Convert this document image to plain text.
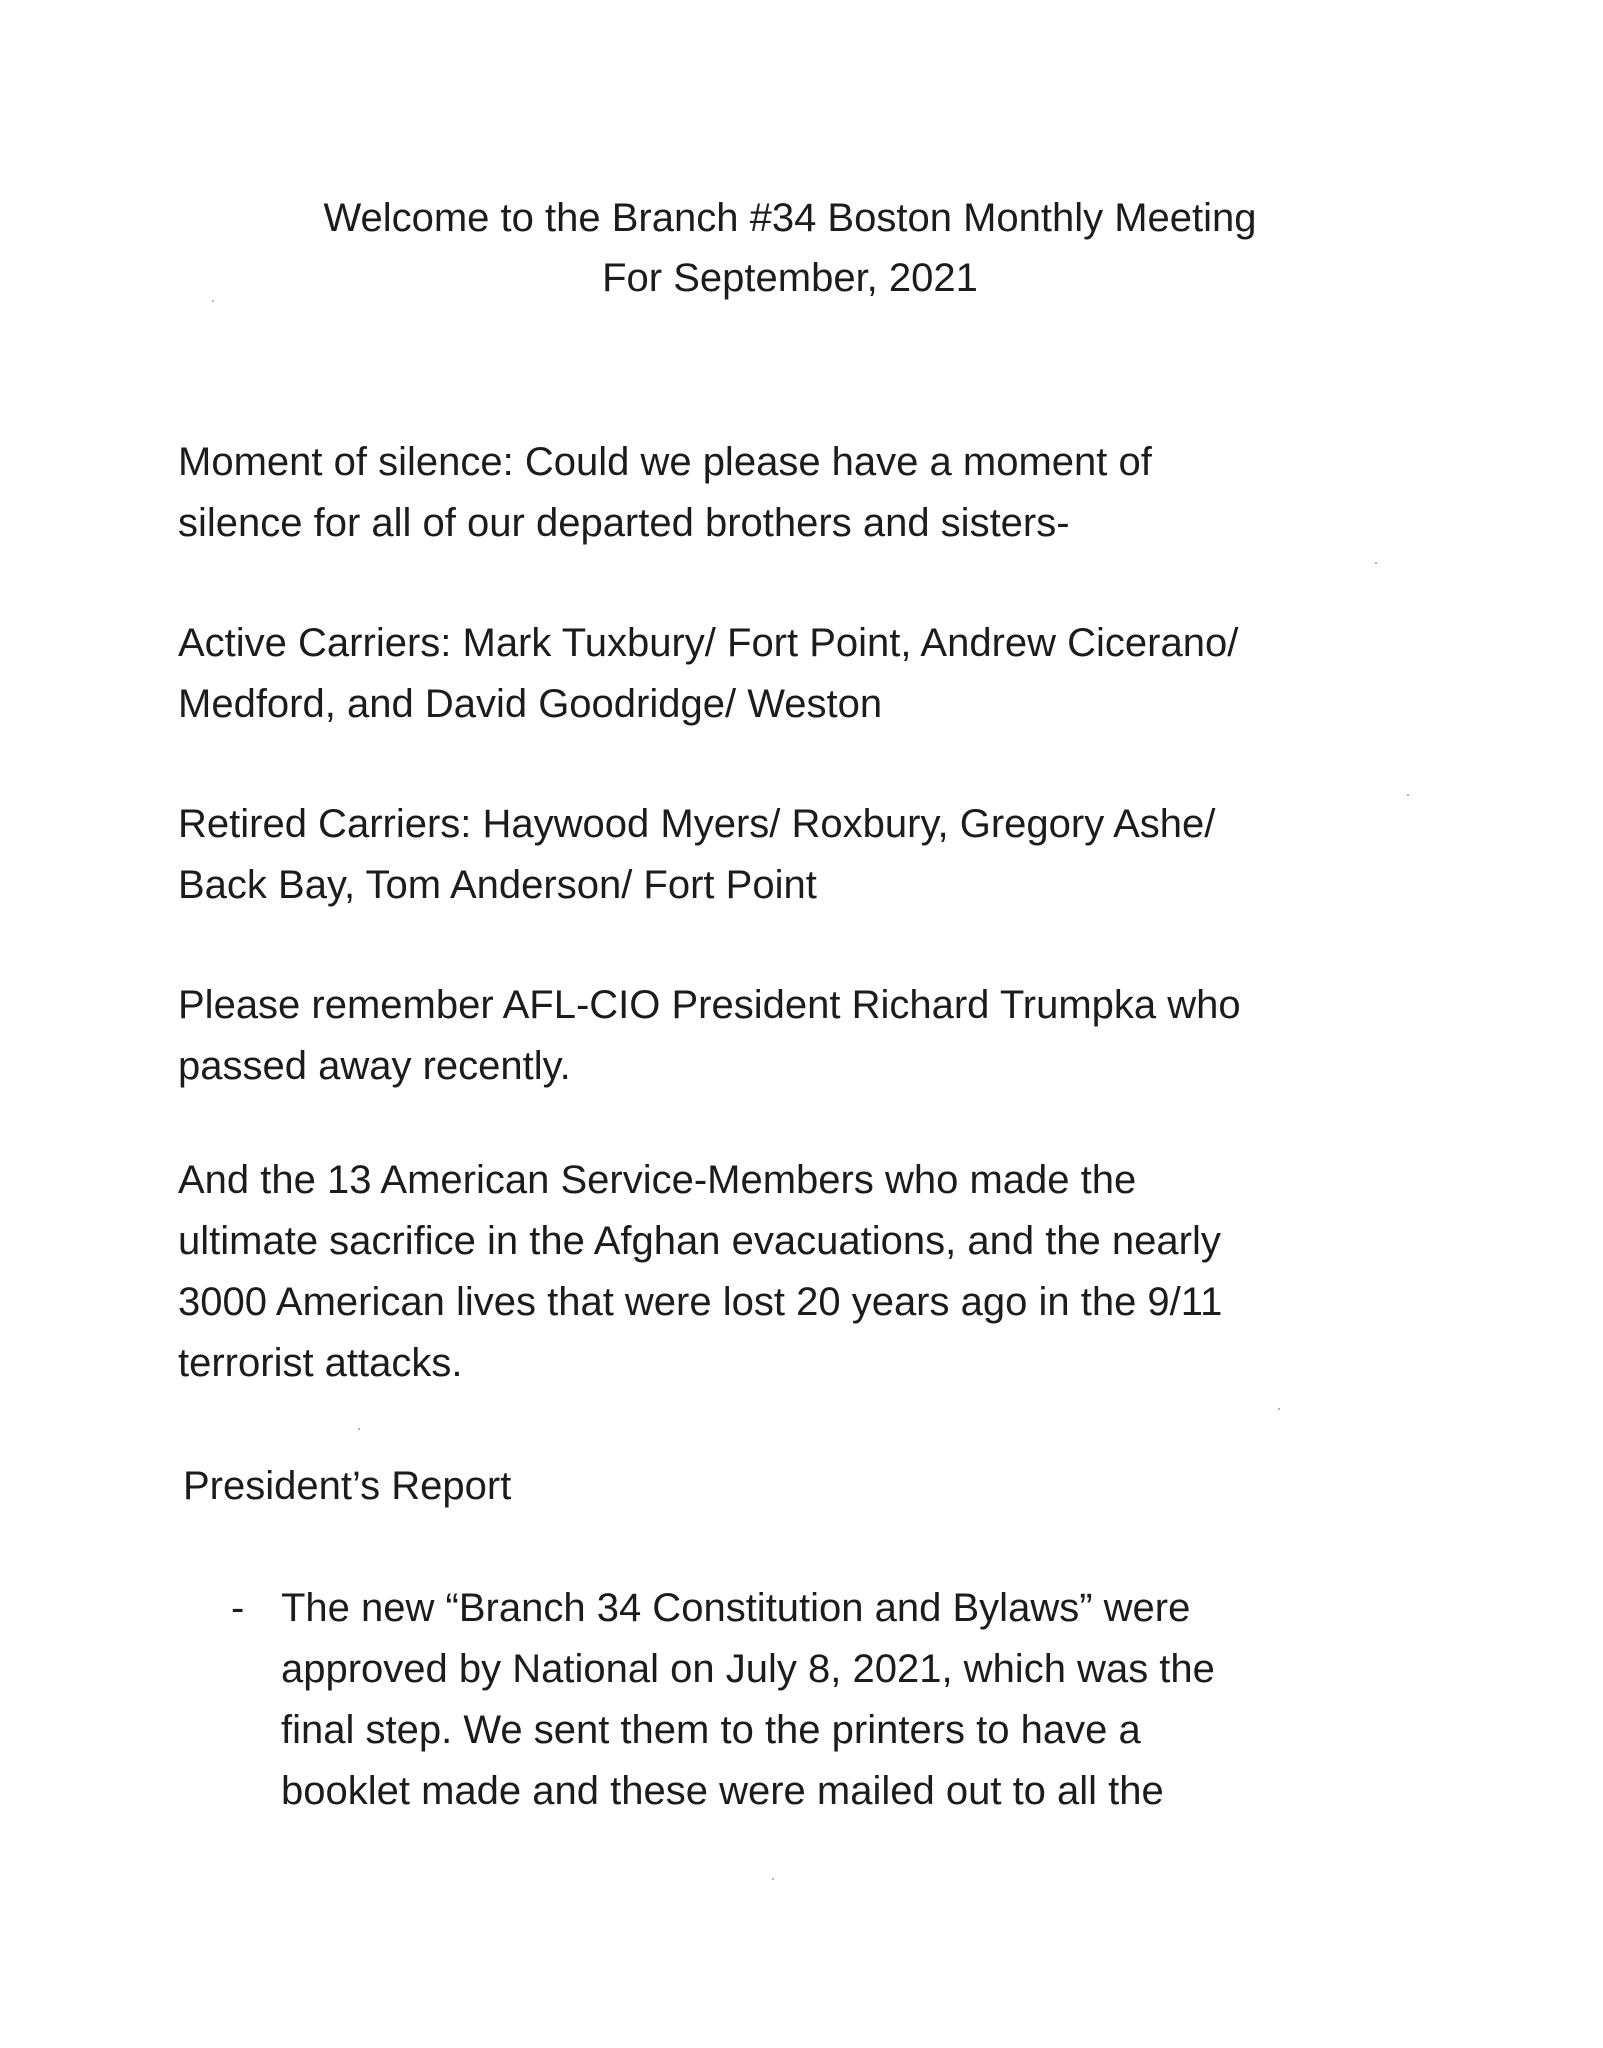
Welcome to the Branch #34 Boston Monthly Meeting
For September, 2021
Moment of silence: Could we please have a moment of
silence for all of our departed brothers and sisters-
Active Carriers: Mark Tuxbury/ Fort Point, Andrew Cicerano/
Medford, and David Goodridge/ Weston
Retired Carriers: Haywood Myers/ Roxbury, Gregory Ashe/
Back Bay, Tom Anderson/ Fort Point
Please remember AFL-CIO President Richard Trumpka who
passed away recently.
And the 13 American Service-Members who made the
ultimate sacrifice in the Afghan evacuations, and the nearly
3000 American lives that were lost 20 years ago in the 9/11
terrorist attacks.
President’s Report
- The new “Branch 34 Constitution and Bylaws” were
approved by National on July 8, 2021, which was the
final step. We sent them to the printers to have a
booklet made and these were mailed out to all the
